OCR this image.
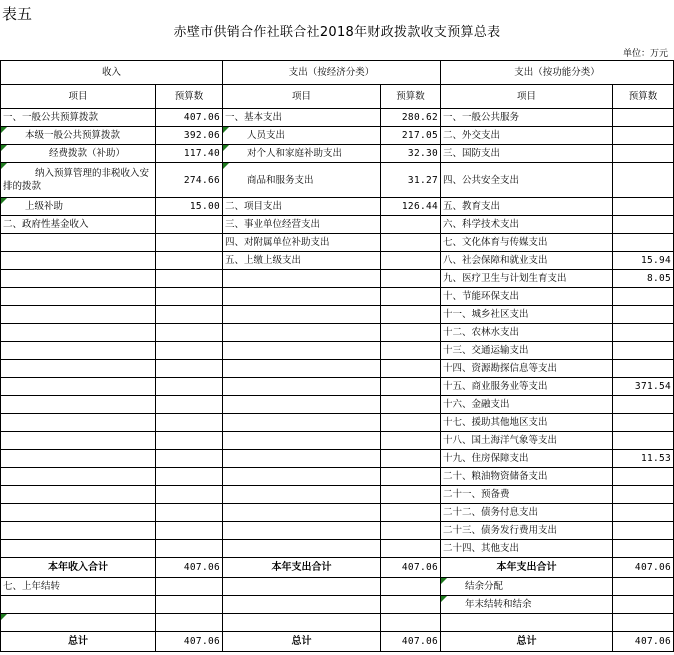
表五
赤壁市供销合作社联合社2018年财政拨款收支预算总表
单位：万元
收入		支出（按经济分类）		支出（按功能分类）	
项目	预算数	项目	预算数	项目	预算数
一、一般公共预算拨款	407.06	一、基本支出	280.62	一、一般公共服务	
本级一般公共预算拨款	392.06	人员支出	217.05	二、外交支出	
经费拨款（补助）	117.40	对个人和家庭补助支出	32.30	三、国防支出	
纳入预算管理的非税收入安排的拨款	274.66	商品和服务支出	31.27	四、公共安全支出	
上级补助	15.00	二、项目支出	126.44	五、教育支出	
二、政府性基金收入		三、事业单位经营支出		六、科学技术支出	
		四、对附属单位补助支出		七、文化体育与传媒支出	
		五、上缴上级支出		八、社会保障和就业支出	15.94
				九、医疗卫生与计划生育支出	8.05
				十、节能环保支出	
				十一、城乡社区支出	
				十二、农林水支出	
				十三、交通运输支出	
				十四、资源勘探信息等支出	
				十五、商业服务业等支出	371.54
				十六、金融支出	
				十七、援助其他地区支出	
				十八、国土海洋气象等支出	
				十九、住房保障支出	11.53
				二十、粮油物资储备支出	
				二十一、预备费	
				二十二、债务付息支出	
				二十三、债务发行费用支出	
				二十四、其他支出	
本年收入合计	407.06	本年支出合计	407.06	本年支出合计	407.06
七、上年结转				结余分配	
				年末结转和结余	

总计	407.06	总计	407.06	总计	407.06
